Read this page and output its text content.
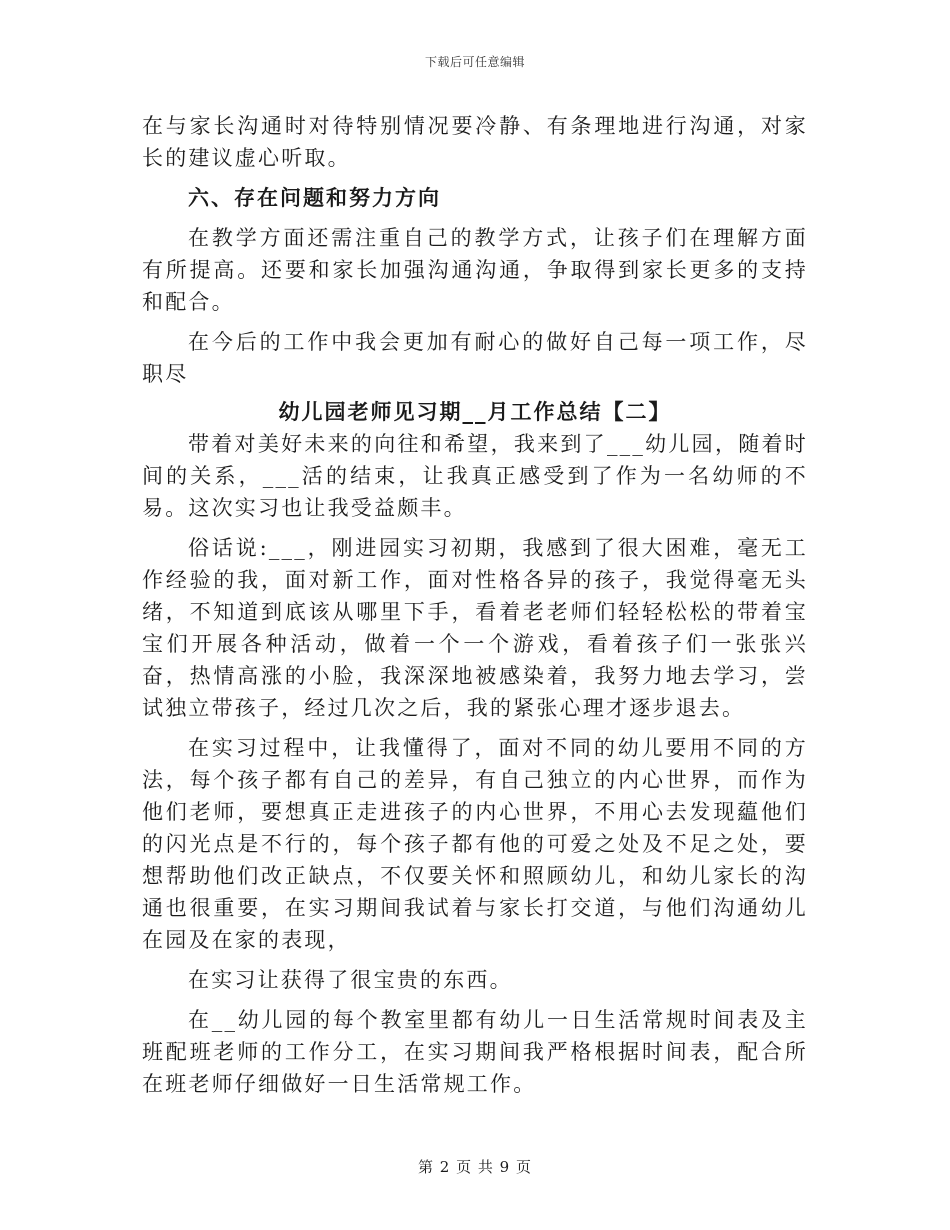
下载后可任意编辑

在与家长沟通时对待特别情况要冷静、有条理地进行沟通，对家长的建议虚心听取。

六、存在问题和努力方向

在教学方面还需注重自己的教学方式，让孩子们在理解方面有所提高。还要和家长加强沟通沟通，争取得到家长更多的支持和配合。

在今后的工作中我会更加有耐心的做好自己每一项工作，尽职尽

幼儿园老师见习期__月工作总结【二】

带着对美好未来的向往和希望，我来到了___幼儿园，随着时间的关系，___活的结束，让我真正感受到了作为一名幼师的不易。这次实习也让我受益颇丰。

俗话说:___，刚进园实习初期，我感到了很大困难，毫无工作经验的我，面对新工作，面对性格各异的孩子，我觉得毫无头绪，不知道到底该从哪里下手，看着老老师们轻轻松松的带着宝宝们开展各种活动，做着一个一个游戏，看着孩子们一张张兴奋，热情高涨的小脸，我深深地被感染着，我努力地去学习，尝试独立带孩子，经过几次之后，我的紧张心理才逐步退去。

在实习过程中，让我懂得了，面对不同的幼儿要用不同的方法，每个孩子都有自己的差异，有自己独立的内心世界，而作为他们老师，要想真正走进孩子的内心世界，不用心去发现藴他们的闪光点是不行的，每个孩子都有他的可爱之处及不足之处，要想帮助他们改正缺点，不仅要关怀和照顾幼儿，和幼儿家长的沟通也很重要，在实习期间我试着与家长打交道，与他们沟通幼儿在园及在家的表现，

在实习让获得了很宝贵的东西。

在__幼儿园的每个教室里都有幼儿一日生活常规时间表及主班配班老师的工作分工，在实习期间我严格根据时间表，配合所在班老师仔细做好一日生活常规工作。

第 2 页 共 9 页
